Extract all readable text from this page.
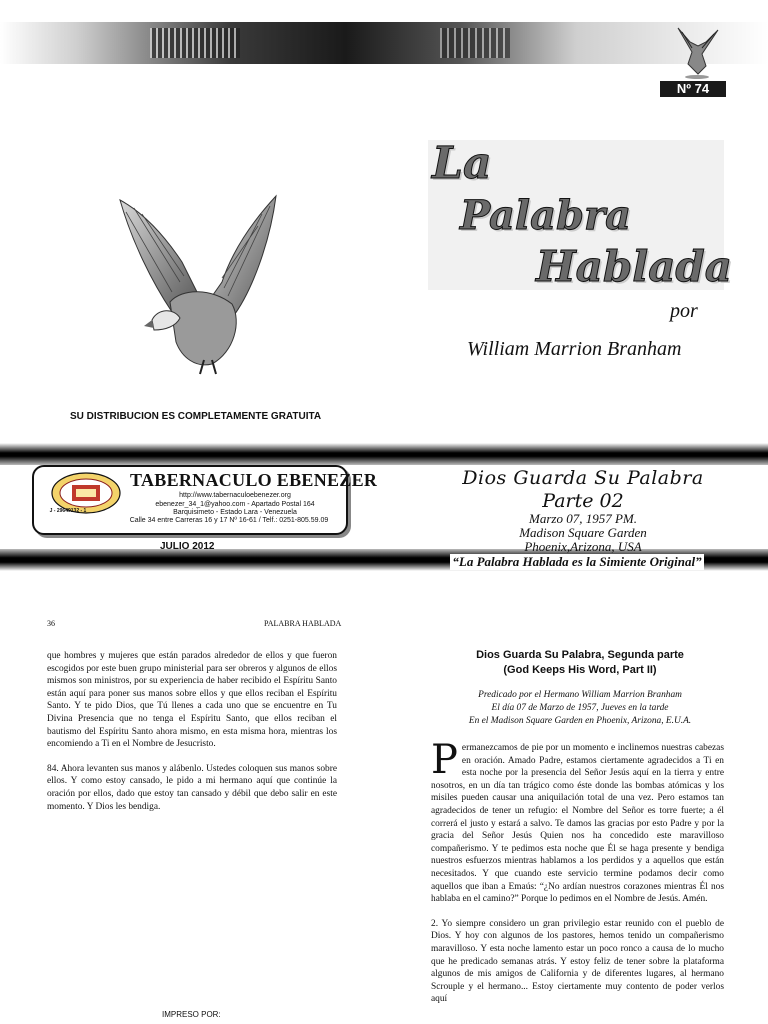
Nº 74
La
Palabra
Hablada
por
William Marrion Branham
SU DISTRIBUCION ES COMPLETAMENTE GRATUITA
J - 29649132 - 1
TABERNACULO EBENEZER
http://www.tabernaculoebenezer.org
ebenezer_34_1@yahoo.com - Apartado Postal 164
Barquisimeto - Estado Lara - Venezuela
Calle 34 entre Carreras 16 y 17 Nº 16-61 / Telf.: 0251-805.59.09
JULIO 2012
Dios Guarda Su Palabra
Parte 02
Marzo 07, 1957 PM.
Madison Square Garden
Phoenix,Arizona, USA
“La Palabra Hablada es la Simiente Original”
36	PALABRA HABLADA

que hombres y mujeres que están parados alrededor de ellos y que fueron escogidos por este buen grupo ministerial para ser obreros y algunos de ellos mismos son ministros, por su experiencia de haber recibido el Espíritu Santo están aquí para poner sus manos sobre ellos y que ellos reciban el Espíritu Santo. Y te pido Dios, que Tú llenes a cada uno que se encuentre en Tu Divina Presencia que no tenga el Espíritu Santo, que ellos reciban el bautismo del Espíritu Santo ahora mismo, en esta misma hora, mientras los encomiendo a Ti en el Nombre de Jesucristo.

84. Ahora levanten sus manos y alábenlo. Ustedes coloquen sus manos sobre ellos. Y como estoy cansado, le pido a mi hermano aquí que continúe la oración por ellos, dado que estoy tan cansado y débil que debo salir en este momento. Y Dios les bendiga.

IMPRESO POR:
Dios Guarda Su Palabra, Segunda parte
(God Keeps His Word, Part II)
Predicado por el Hermano William Marrion Branham
El día 07 de Marzo de 1957, Jueves en la tarde
En el Madison Square Garden en Phoenix, Arizona, E.U.A.

Permanezcamos de pie por un momento e inclinemos nuestras cabezas en oración. Amado Padre, estamos ciertamente agradecidos a Ti en esta noche por la presencia del Señor Jesús aquí en la tierra y entre nosotros, en un día tan trágico como éste donde las bombas atómicas y los misiles pueden causar una aniquilación total de una vez. Pero estamos tan agradecidos de tener un refugio: el Nombre del Señor es torre fuerte; a él correrá el justo y estará a salvo. Te damos las gracias por esto Padre y por la gracia del Señor Jesús Quien nos ha concedido este maravilloso compañerismo. Y te pedimos esta noche que Él se haga presente y bendiga nuestros esfuerzos mientras hablamos a los perdidos y a aquellos que están necesitados. Y que cuando este servicio termine podamos decir como aquellos que iban a Emaús: “¿No ardían nuestros corazones mientras Él nos hablaba en el camino?” Porque lo pedimos en el Nombre de Jesús. Amén.

2. Yo siempre considero un gran privilegio estar reunido con el pueblo de Dios. Y hoy con algunos de los pastores, hemos tenido un compañerismo maravilloso. Y esta noche lamento estar un poco ronco a causa de lo mucho que he predicado semanas atrás. Y estoy feliz de tener sobre la plataforma algunos de mis amigos de California y de diferentes lugares, al hermano Scrouple y el hermano... Estoy ciertamente muy contento de poder verlos aquí
